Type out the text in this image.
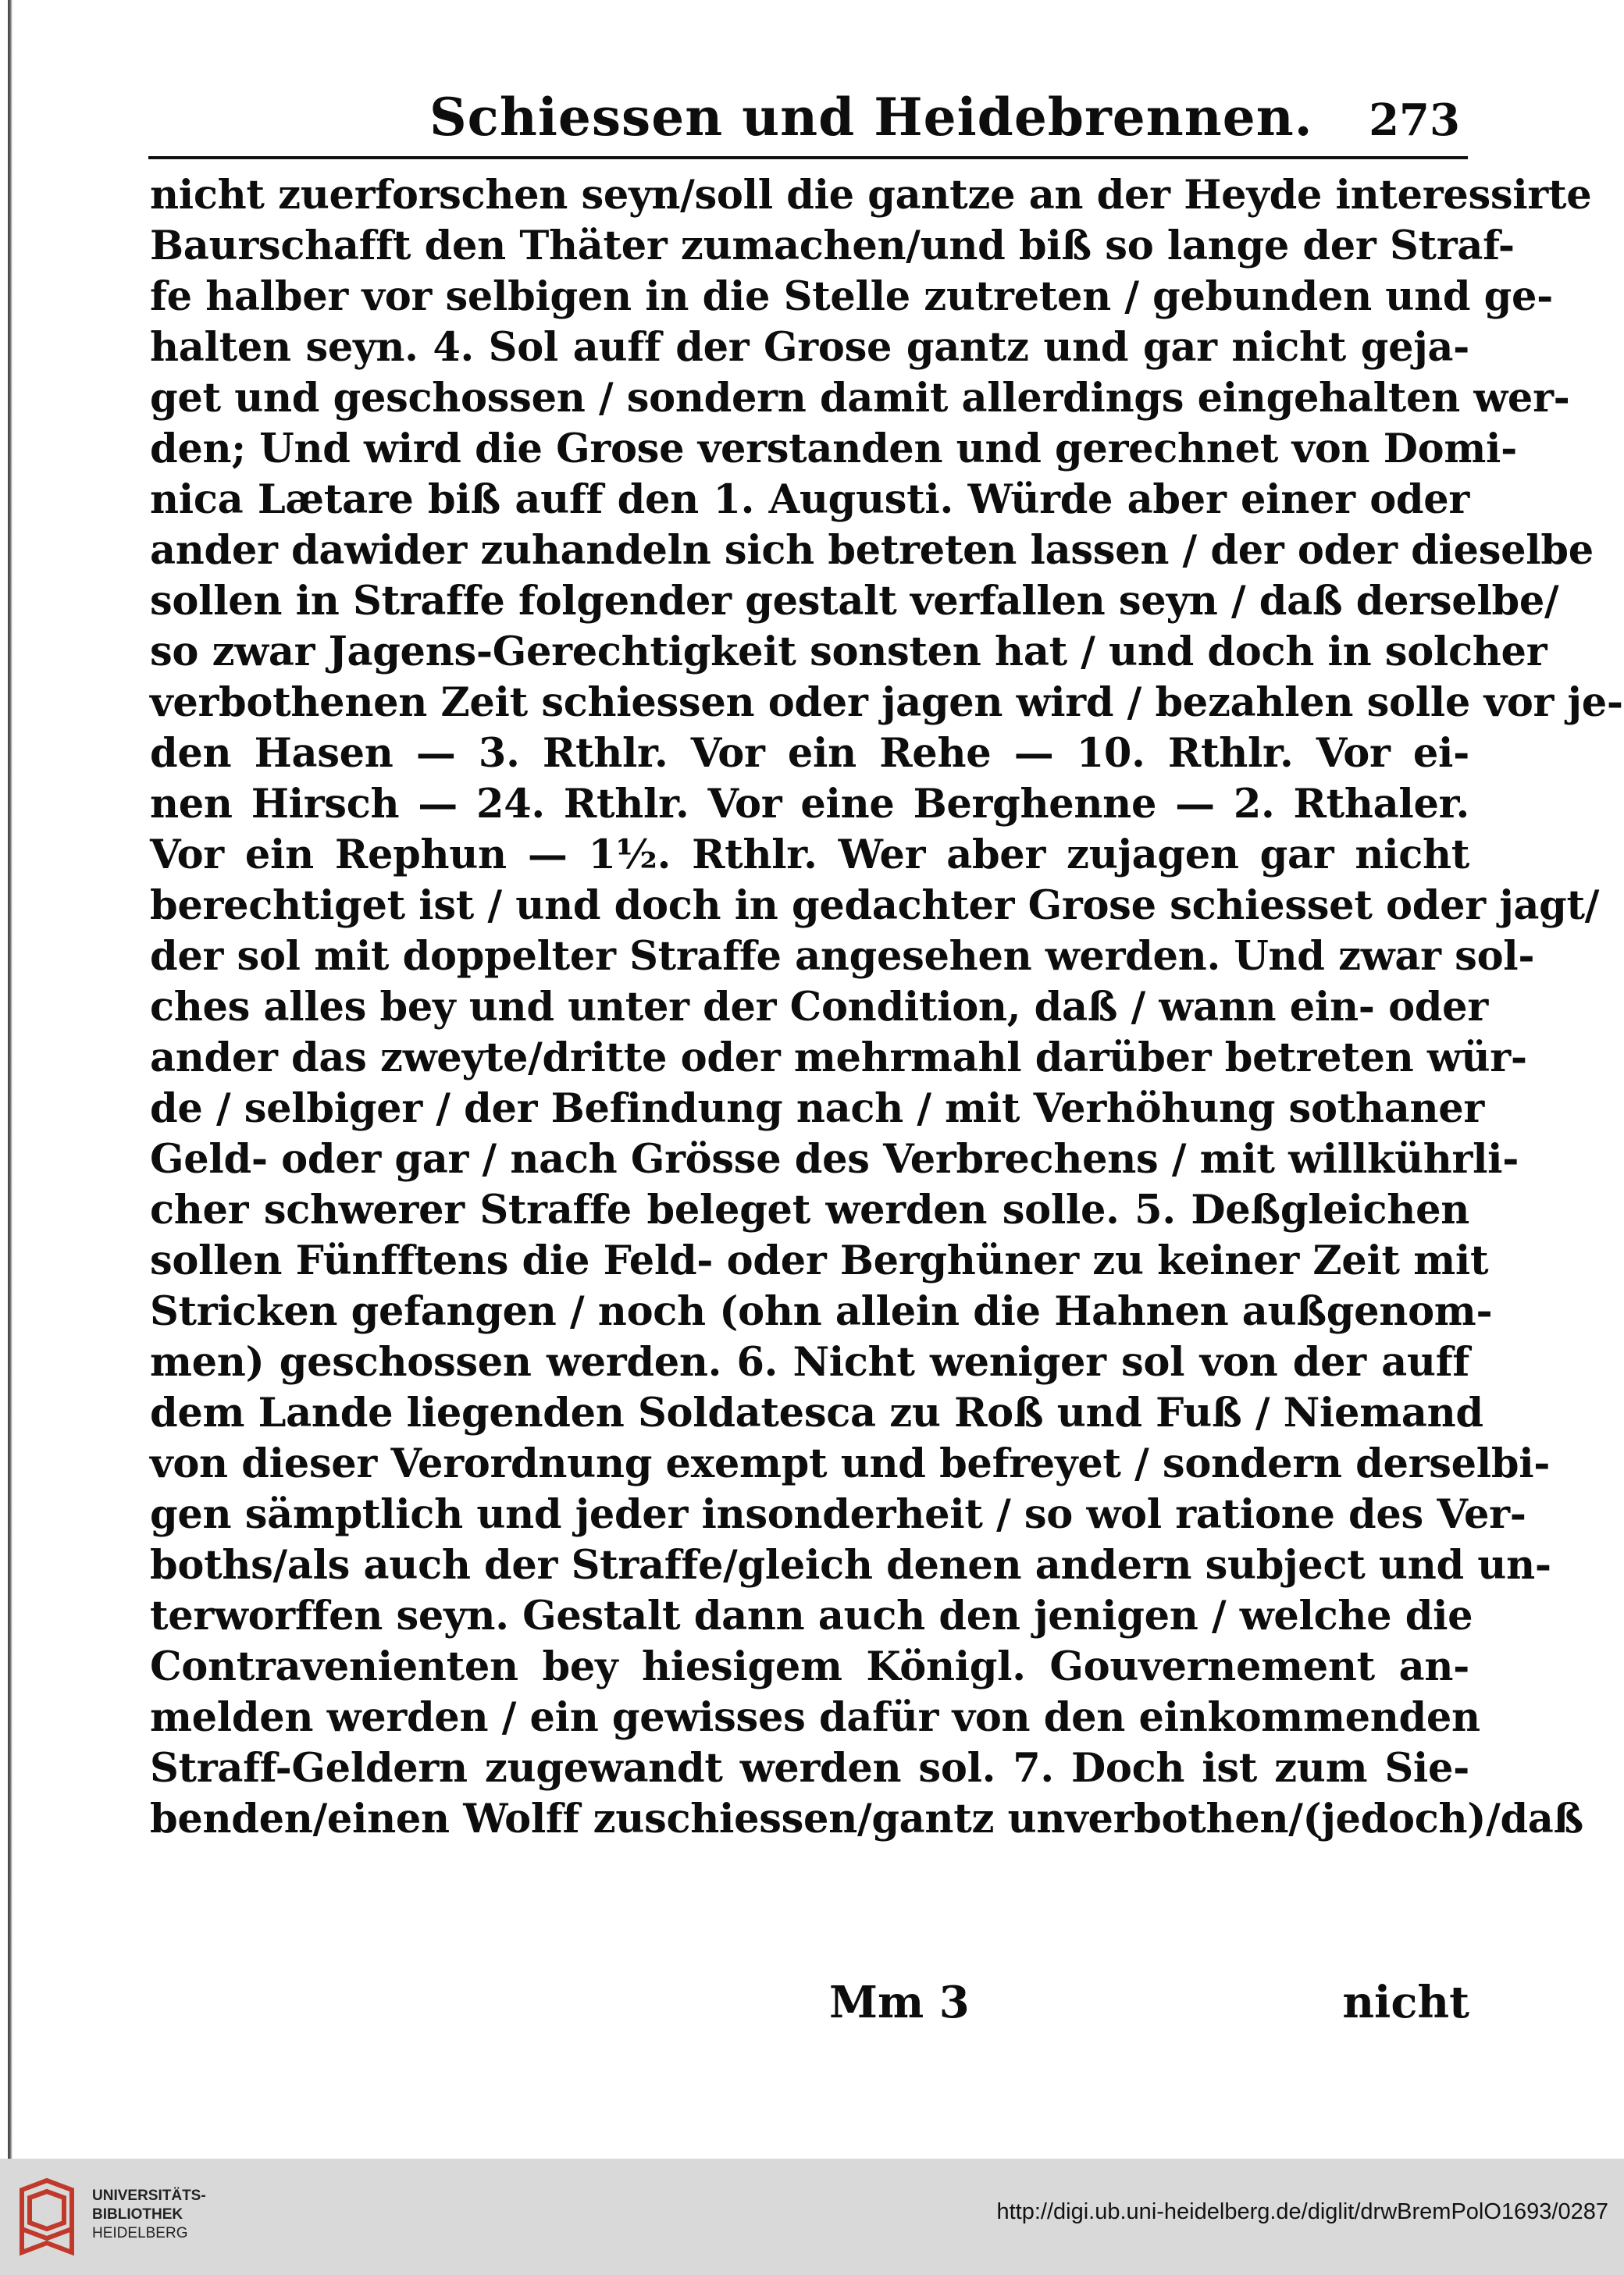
Schiessen und Heidebrennen. 273
nicht zuerforschen seyn/soll die gantze an der Heyde interessirte
Baurschafft den Thäter zumachen/und biß so lange der Straf-
fe halber vor selbigen in die Stelle zutreten / gebunden und ge-
halten seyn. 4. Sol auff der Grose gantz und gar nicht geja-
get und geschossen / sondern damit allerdings eingehalten wer-
den; Und wird die Grose verstanden und gerechnet von Domi-
nica Lætare biß auff den 1. Augusti. Würde aber einer oder
ander dawider zuhandeln sich betreten lassen / der oder dieselbe
sollen in Straffe folgender gestalt verfallen seyn / daß derselbe/
so zwar Jagens-Gerechtigkeit sonsten hat / und doch in solcher
verbothenen Zeit schiessen oder jagen wird / bezahlen solle vor je-
den Hasen — 3. Rthlr. Vor ein Rehe — 10. Rthlr. Vor ei-
nen Hirsch — 24. Rthlr. Vor eine Berghenne — 2. Rthaler.
Vor ein Rephun — 1½. Rthlr. Wer aber zujagen gar nicht
berechtiget ist / und doch in gedachter Grose schiesset oder jagt/
der sol mit doppelter Straffe angesehen werden. Und zwar sol-
ches alles bey und unter der Condition, daß / wann ein- oder
ander das zweyte/dritte oder mehrmahl darüber betreten wür-
de / selbiger / der Befindung nach / mit Verhöhung sothaner
Geld- oder gar / nach Grösse des Verbrechens / mit willkührli-
cher schwerer Straffe beleget werden solle. 5. Deßgleichen
sollen Fünfftens die Feld- oder Berghüner zu keiner Zeit mit
Stricken gefangen / noch (ohn allein die Hahnen außgenom-
men) geschossen werden. 6. Nicht weniger sol von der auff
dem Lande liegenden Soldatesca zu Roß und Fuß / Niemand
von dieser Verordnung exempt und befreyet / sondern derselbi-
gen sämptlich und jeder insonderheit / so wol ratione des Ver-
boths/als auch der Straffe/gleich denen andern subject und un-
terworffen seyn. Gestalt dann auch den jenigen / welche die
Contravenienten bey hiesigem Königl. Gouvernement an-
melden werden / ein gewisses dafür von den einkommenden
Straff-Geldern zugewandt werden sol. 7. Doch ist zum Sie-
benden/einen Wolff zuschiessen/gantz unverbothen/(jedoch)/daß
Mm 3	nicht
UNIVERSITÄTS-
BIBLIOTHEK
HEIDELBERG
http://digi.ub.uni-heidelberg.de/diglit/drwBremPolO1693/0287
